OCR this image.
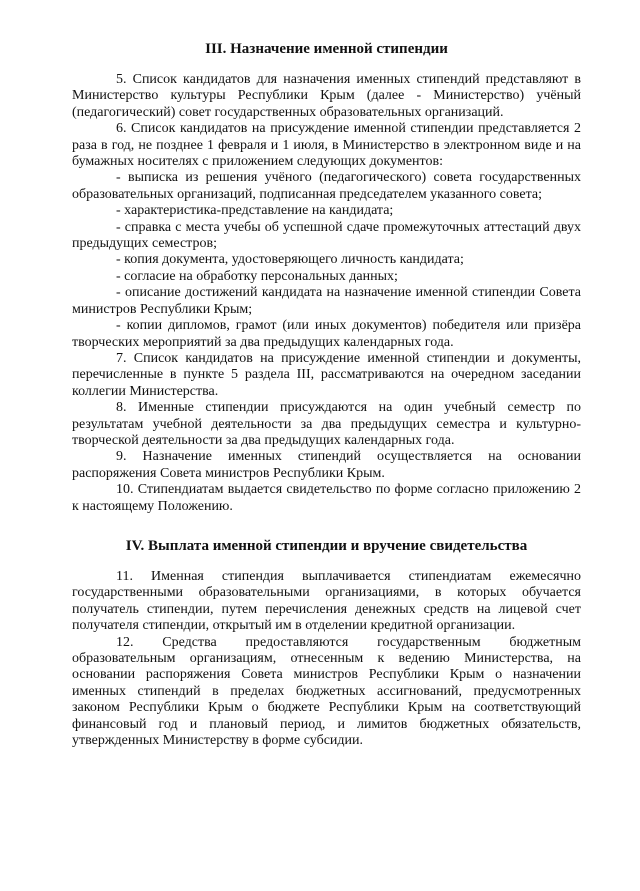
III. Назначение именной стипендии

5. Список кандидатов для назначения именных стипендий представляют в Министерство культуры Республики Крым (далее - Министерство) учёный (педагогический) совет государственных образовательных организаций.

6. Список кандидатов на присуждение именной стипендии представляется 2 раза в год, не позднее 1 февраля и 1 июля, в Министерство в электронном виде и на бумажных носителях с приложением следующих документов:

- выписка из решения учёного (педагогического) совета государственных образовательных организаций, подписанная председателем указанного совета;

- характеристика-представление на кандидата;

- справка с места учебы об успешной сдаче промежуточных аттестаций двух предыдущих семестров;

- копия документа, удостоверяющего личность кандидата;

- согласие на обработку персональных данных;

- описание достижений кандидата на назначение именной стипендии Совета министров Республики Крым;

- копии дипломов, грамот (или иных документов) победителя или призёра творческих мероприятий за два предыдущих календарных года.

7. Список кандидатов на присуждение именной стипендии и документы, перечисленные в пункте 5 раздела III, рассматриваются на очередном заседании коллегии Министерства.

8. Именные стипендии присуждаются на один учебный семестр по результатам учебной деятельности за два предыдущих семестра и культурно-творческой деятельности за два предыдущих календарных года.

9. Назначение именных стипендий осуществляется на основании распоряжения Совета министров Республики Крым.

10. Стипендиатам выдается свидетельство по форме согласно приложению 2 к настоящему Положению.

IV. Выплата именной стипендии и вручение свидетельства

11. Именная стипендия выплачивается стипендиатам ежемесячно государственными образовательными организациями, в которых обучается получатель стипендии, путем перечисления денежных средств на лицевой счет получателя стипендии, открытый им в отделении кредитной организации.

12. Средства предоставляются государственным бюджетным образовательным организациям, отнесенным к ведению Министерства, на основании распоряжения Совета министров Республики Крым о назначении именных стипендий в пределах бюджетных ассигнований, предусмотренных законом Республики Крым о бюджете Республики Крым на соответствующий финансовый год и плановый период, и лимитов бюджетных обязательств, утвержденных Министерству в форме субсидии.
